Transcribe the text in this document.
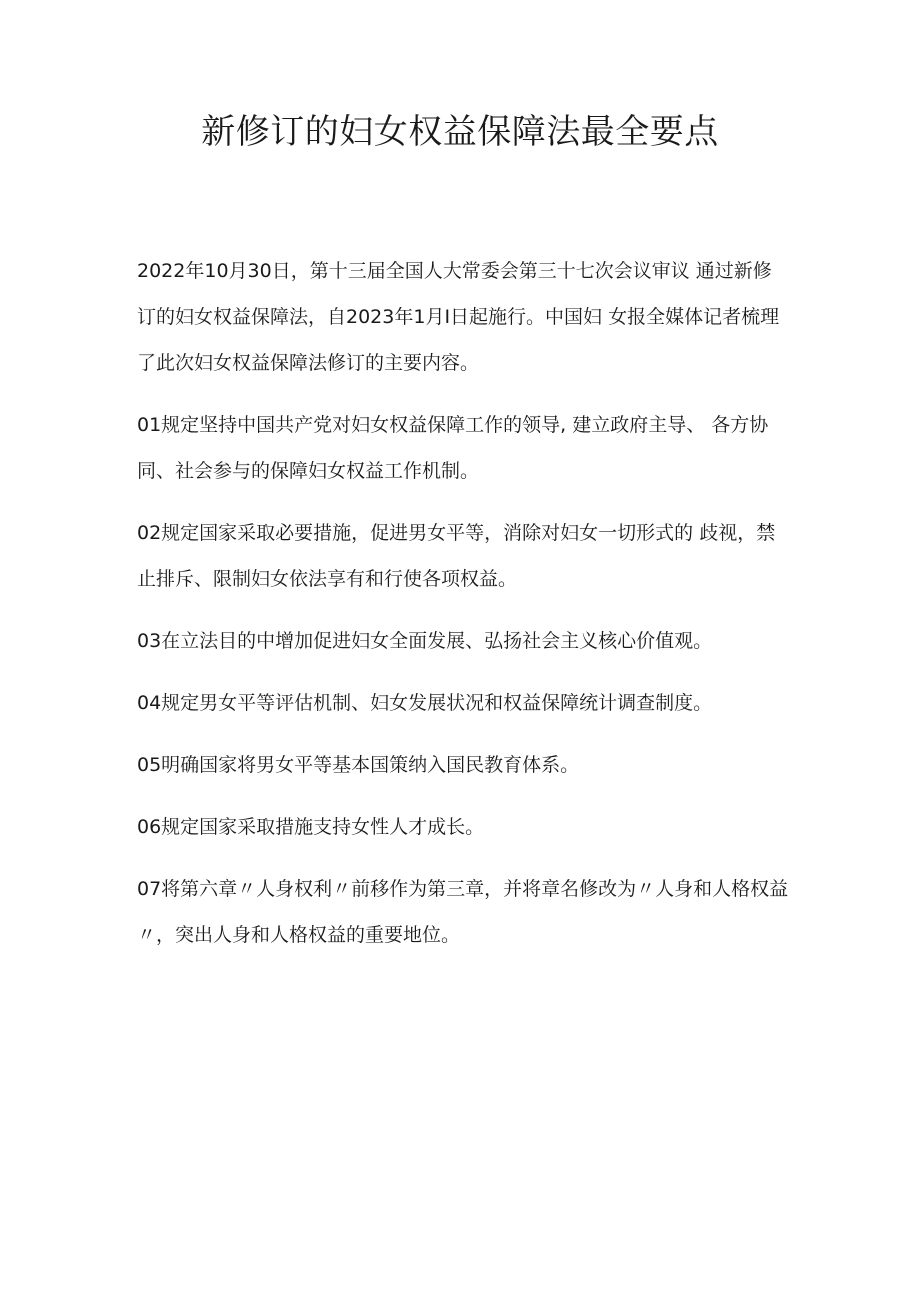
新修订的妇女权益保障法最全要点

2022年10月30日，第十三届全国人大常委会第三十七次会议审议 通过新修订的妇女权益保障法，自2023年1月I日起施行。中国妇 女报全媒体记者梳理了此次妇女权益保障法修订的主要内容。

01规定坚持中国共产党对妇女权益保障工作的领导, 建立政府主导、 各方协同、社会参与的保障妇女权益工作机制。

02规定国家采取必要措施，促进男女平等，消除对妇女一切形式的 歧视，禁止排斥、限制妇女依法享有和行使各项权益。

03在立法目的中增加促进妇女全面发展、弘扬社会主义核心价值观。

04规定男女平等评估机制、妇女发展状况和权益保障统计调查制度。

05明确国家将男女平等基本国策纳入国民教育体系。

06规定国家采取措施支持女性人才成长。

07将第六章〃人身权利〃前移作为第三章，并将章名修改为〃人身和人格权益〃，突出人身和人格权益的重要地位。
